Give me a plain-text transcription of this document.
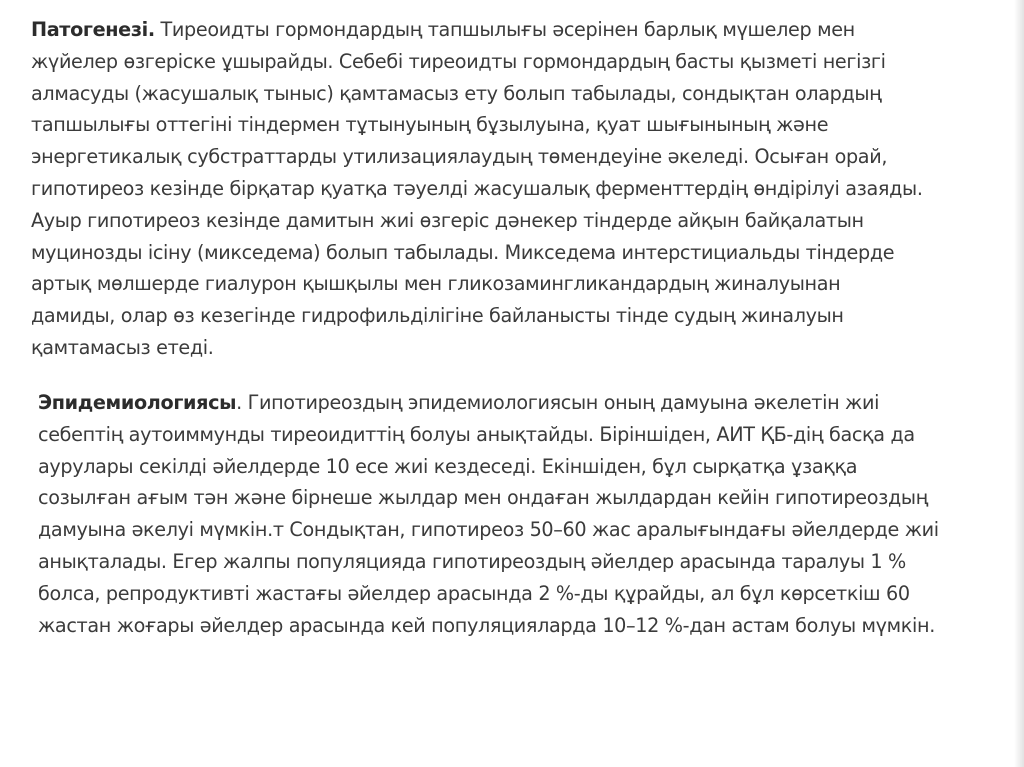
Патогенезі. Тиреоидты гормондардың тапшылығы әсерінен барлық мүшелер мен
жүйелер өзгеріске ұшырайды. Себебі тиреоидты гормондардың басты қызметі негізгі
алмасуды (жасушалық тыныс) қамтамасыз ету болып табылады, сондықтан олардың
тапшылығы оттегіні тіндермен тұтынуының бұзылуына, қуат шығынының және
энергетикалық субстраттарды утилизациялаудың төмендеуіне әкеледі. Осыған орай,
гипотиреоз кезінде бірқатар қуатқа тәуелді жасушалық ферменттердің өндірілуі азаяды.
Ауыр гипотиреоз кезінде дамитын жиі өзгеріс дәнекер тіндерде айқын байқалатын
муцинозды ісіну (микседема) болып табылады. Микседема интерстициальды тіндерде
артық мөлшерде гиалурон қышқылы мен гликозамингликандардың жиналуынан
дамиды, олар өз кезегінде гидрофильділігіне байланысты тінде судың жиналуын
қамтамасыз етеді.
Эпидемиологиясы. Гипотиреоздың эпидемиологиясын оның дамуына әкелетін жиі
себептің аутоиммунды тиреоидиттің болуы анықтайды. Біріншіден, АИТ ҚБ-дің басқа да
аурулары секілді әйелдерде 10 есе жиі кездеседі. Екіншіден, бұл сырқатқа ұзаққа
созылған ағым тән және бірнеше жылдар мен ондаған жылдардан кейін гипотиреоздың
дамуына әкелуі мүмкін.т Сондықтан, гипотиреоз 50–60 жас аралығындағы әйелдерде жиі
анықталады. Егер жалпы популяцияда гипотиреоздың әйелдер арасында таралуы 1 %
болса, репродуктивті жастағы әйелдер арасында 2 %-ды құрайды, ал бұл көрсеткіш 60
жастан жоғары әйелдер арасында кей популяцияларда 10–12 %-дан астам болуы мүмкін.
